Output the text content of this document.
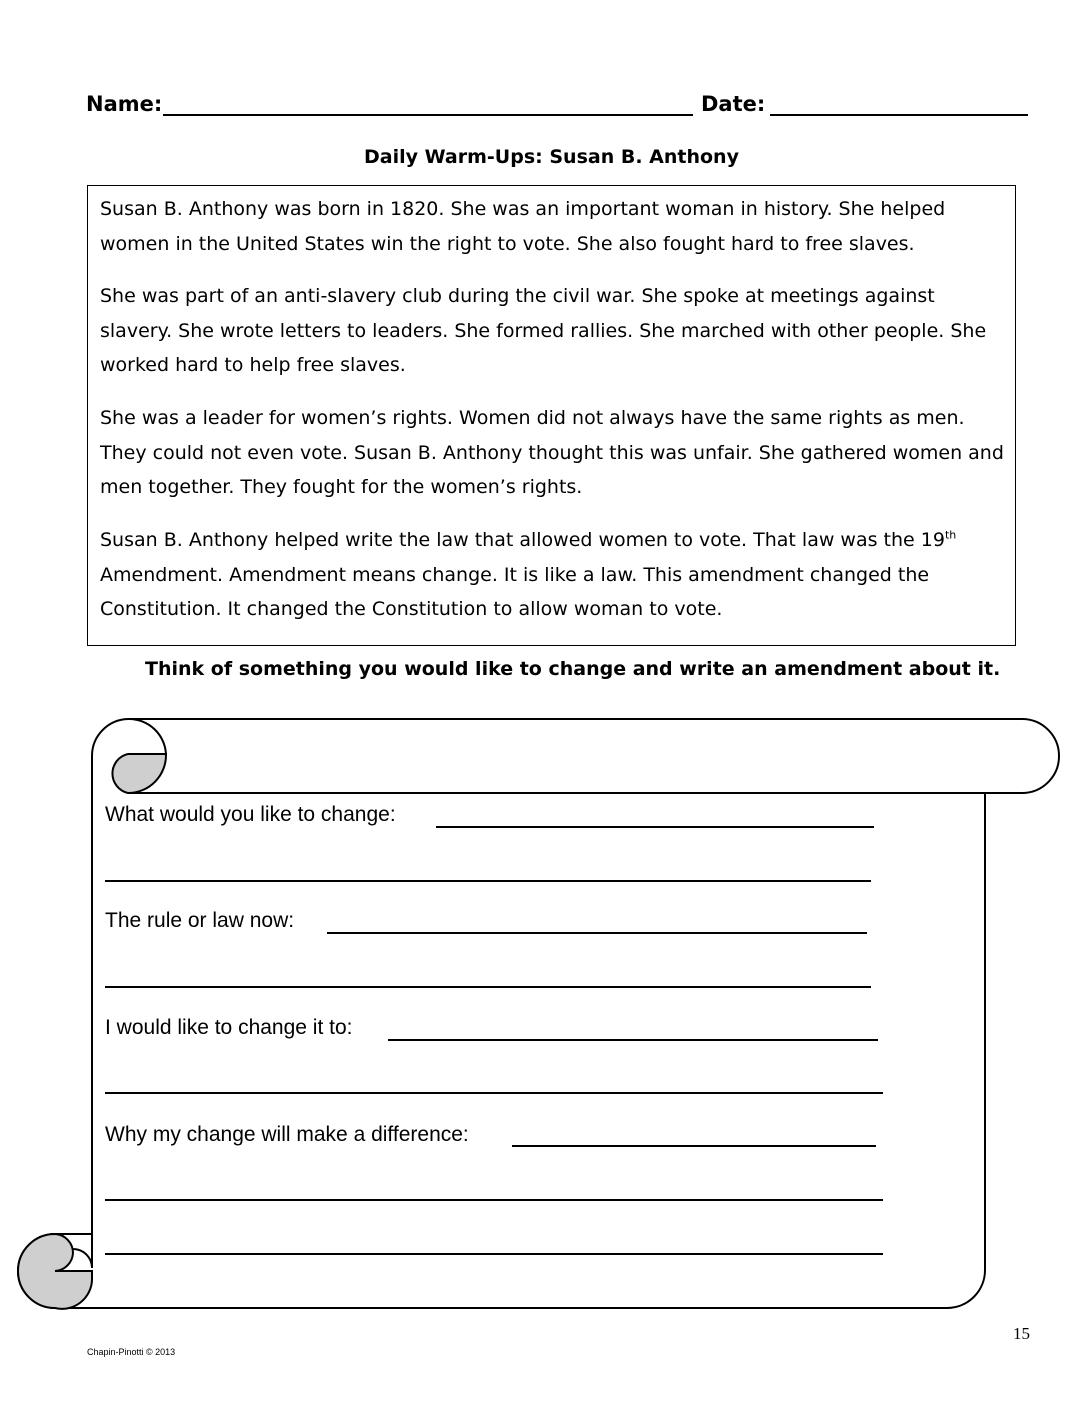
Name:	Date:
Daily Warm-Ups: Susan B. Anthony
Susan B. Anthony was born in 1820. She was an important woman in history. She helped women in the United States win the right to vote. She also fought hard to free slaves.
She was part of an anti-slavery club during the civil war. She spoke at meetings against slavery. She wrote letters to leaders. She formed rallies. She marched with other people. She worked hard to help free slaves.
She was a leader for women’s rights. Women did not always have the same rights as men. They could not even vote. Susan B. Anthony thought this was unfair. She gathered women and men together. They fought for the women’s rights.
Susan B. Anthony helped write the law that allowed women to vote. That law was the 19th Amendment. Amendment means change. It is like a law. This amendment changed the Constitution. It changed the Constitution to allow woman to vote.
Think of something you would like to change and write an amendment about it.
What would you like to change:
The rule or law now:
I would like to change it to:
Why my change will make a difference:
15
Chapin-Pinotti © 2013
